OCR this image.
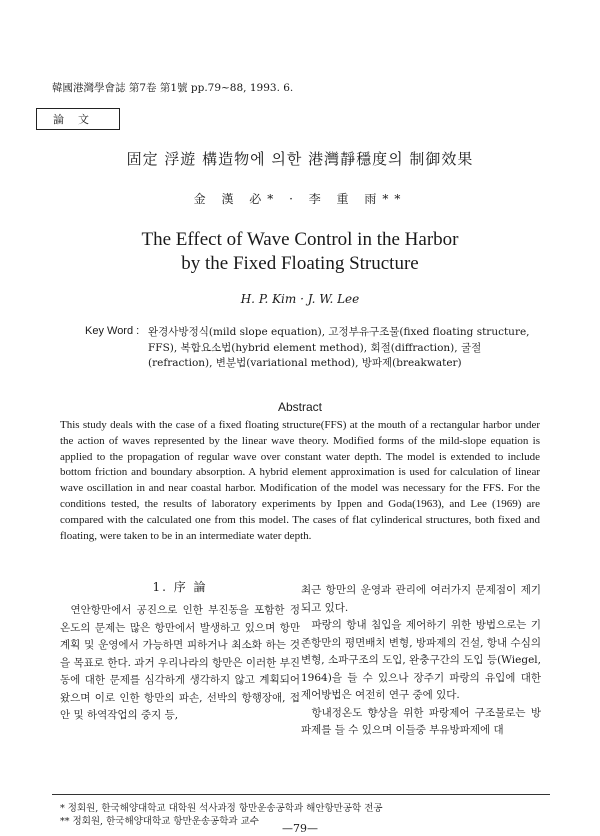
韓國港灣學會誌 第7卷 第1號 pp.79~88, 1993. 6.
論文
固定 浮遊 構造物에 의한 港灣靜穩度의 制御效果
金 漢 必* · 李 重 雨**
The Effect of Wave Control in the Harbor
by the Fixed Floating Structure
H. P. Kim · J. W. Lee
Key Word : 완경사방정식(mild slope equation), 고정부유구조물(fixed floating structure, FFS), 복합요소법(hybrid element method), 회절(diffraction), 굴절(refraction), 변분법(variational method), 방파제(breakwater)
Abstract
This study deals with the case of a fixed floating structure(FFS) at the mouth of a rectangular harbor under the action of waves represented by the linear wave theory. Modified forms of the mild-slope equation is applied to the propagation of regular wave over constant water depth. The model is extended to include bottom friction and boundary absorption. A hybrid element approximation is used for calculation of linear wave oscillation in and near coastal harbor. Modification of the model was necessary for the FFS. For the conditions tested, the results of laboratory experiments by Ippen and Goda(1963), and Lee (1969) are compared with the calculated one from this model. The cases of flat cylinderical structures, both fixed and floating, were taken to be in an intermediate water depth.
1. 序 論

연안항만에서 공진으로 인한 부진동을 포함한 정온도의 문제는 많은 항만에서 발생하고 있으며 항만계획 및 운영에서 가능하면 피하거나 최소화 하는 것을 목표로 한다. 과거 우리나라의 항만은 이러한 부진동에 대한 문제를 심각하게 생각하지 않고 계획되어 왔으며 이로 인한 항만의 파손, 선박의 항행장애, 접안 및 하역작업의 중지 등,

최근 항만의 운영과 관리에 여러가지 문제점이 제기되고 있다.

파랑의 항내 침입을 제어하기 위한 방법으로는 기존항만의 평면배치 변형, 방파제의 건설, 항내 수심의 변형, 소파구조의 도입, 완충구간의 도입 등(Wiegel, 1964)을 들 수 있으나 장주기 파랑의 유입에 대한 제어방법은 여전히 연구 중에 있다.

항내정온도 향상을 위한 파랑제어 구조물로는 방파제를 들 수 있으며 이들중 부유방파제에 대

* 정회원, 한국해양대학교 대학원 석사과정 항만운송공학과 해안항만공학 전공
** 정회원, 한국해양대학교 항만운송공학과 교수
—79—
